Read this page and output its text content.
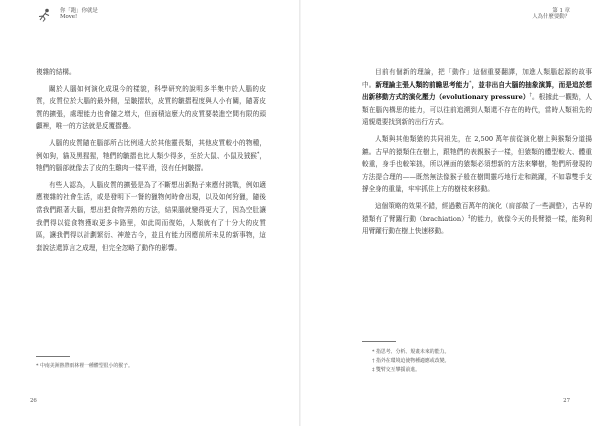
你「跑」你就是
Move!

複雜的結構。

關於人腦如何演化成現今的樣貌，科學研究的說明多半集中於人腦的皮質，皮質位於大腦的最外側，呈皺摺狀，皮質的皺摺程度與人小有關，隨著皮質的擴張，處理能力也會隨之增大，但面積這麼大的皮質要裝進空間有限的頭顱裡，唯一的方法就是反覆摺疊。

人腦的皮質隨在腦部所占比例遠大於其他靈長類，其他皮質較小的物種，例如狗，貓及黑猩猩，牠們的皺摺也比人類少得多，至於大鼠、小鼠及狨猴*，牠們的腦部就像去了皮的生雞肉一樣平滑，沒有任何皺摺。

有些人認為，人腦皮質的擴張是為了不斷想出新點子來應付挑戰，例如適應複雜的社會生活，或是發明下一餐的獵物何時會出現，以及如何狩獵，隨後當我們跟著大腦，想出把食物弄熟的方法，結果腦就變得更大了，因為空肚讓我們得以從食物獲取更多卡路里，如此周而復始，人類就有了十分大的皮質區，讓我們得以計劃繁衍、神遊古今，並且有能力因應前所未見的新事物，這套說法還算言之成理，但完全忽略了動作的影響。

* 中南美洲熱帶雨林裡一種體型很小的猴子。
26
第 1 章
人為什麼要動？

目前有個新的理論，把「動作」這個重要翻譯，加進人類腦起源的故事中。新理論主張人類的前瞻思考能力*，並非出自大腦的抽象演算，而是追於想出新移動方式的演化壓力（evolutionary pressure）†。根據此一觀點，人類在腦內構思的能力，可以往前追溯到人類還不存在的時代，當時人類祖先的遠親還要找到新的出行方式。

人類與其他類猿的共同祖先，在 2,500 萬年前從演化樹上與猴類分道揚鑣。古早的猿類住在樹上，跟牠們的表親猴子一樣，但猿類的體型較大、體重較重，身手也較笨拙，所以裡面的猿類必須想新的方法來攀樹，牠們所發現的方法提合理的——既然無法像猴子般在樹間靈巧地行走和跳躍，不如靠雙手支撐全身的重量，牢牢抓住上方的樹枝來移動。

這個策略的效果不錯，經過數百萬年的演化（肩部做了一些調整），古早的猿類有了臂躍行動（brachiation）‡的能力，就像今天的長臂猿一樣，能夠利用臂躍行動在樹上快速移動。

* 指思考、分析、規畫未來的能力。
† 指外在環境迫使物種適應或改變。
‡ 雙臂交互攀援前進。
27
